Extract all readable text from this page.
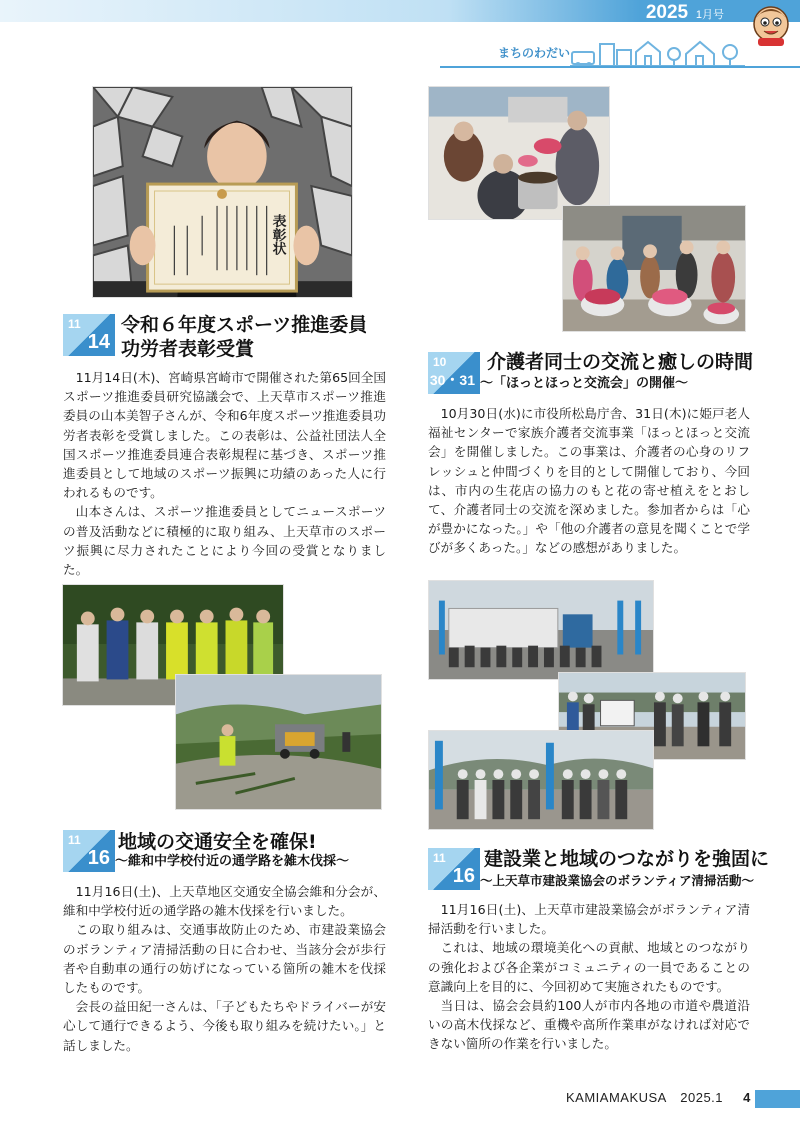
2025 1月号
まちのわだい
表彰状
11
14
令和６年度スポーツ推進委員
功労者表彰受賞

11月14日(木)、宮崎県宮崎市で開催された第65回全国スポーツ推進委員研究協議会で、上天草市スポーツ推進委員の山本美智子さんが、令和6年度スポーツ推進委員功労者表彰を受賞しました。この表彰は、公益社団法人全国スポーツ推進委員連合表彰規程に基づき、スポーツ推進委員として地域のスポーツ振興に功績のあった人に行われるものです。

山本さんは、スポーツ推進委員としてニュースポーツの普及活動などに積極的に取り組み、上天草市のスポーツ振興に尽力されたことにより今回の受賞となりました。

10
30・31
介護者同士の交流と癒しの時間
～「ほっとほっと交流会」の開催～

10月30日(水)に市役所松島庁舎、31日(木)に姫戸老人福祉センターで家族介護者交流事業「ほっとほっと交流会」を開催しました。この事業は、介護者の心身のリフレッシュと仲間づくりを目的として開催しており、今回は、市内の生花店の協力のもと花の寄せ植えをとおして、介護者同士の交流を深めました。参加者からは「心が豊かになった。」や「他の介護者の意見を聞くことで学びが多くあった。」などの感想がありました。

11
16
地域の交通安全を確保!
～維和中学校付近の通学路を雑木伐採～

11月16日(土)、上天草地区交通安全協会維和分会が、維和中学校付近の通学路の雑木伐採を行いました。

この取り組みは、交通事故防止のため、市建設業協会のボランティア清掃活動の日に合わせ、当該分会が歩行者や自動車の通行の妨げになっている箇所の雑木を伐採したものです。

会長の益田紀一さんは、「子どもたちやドライバーが安心して通行できるよう、今後も取り組みを続けたい。」と話しました。

11
16
建設業と地域のつながりを強固に
～上天草市建設業協会のボランティア清掃活動～

11月16日(土)、上天草市建設業協会がボランティア清掃活動を行いました。

これは、地域の環境美化への貢献、地域とのつながりの強化および各企業がコミュニティの一員であることの意識向上を目的に、今回初めて実施されたものです。

当日は、協会会員約100人が市内各地の市道や農道沿いの高木伐採など、重機や高所作業車がなければ対応できない箇所の作業を行いました。

KAMIAMAKUSA 2025.1 4
